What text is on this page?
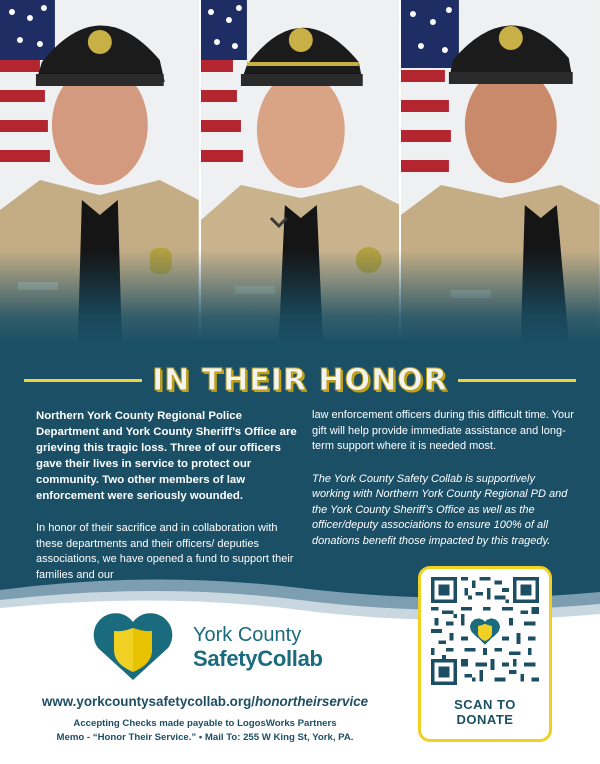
IN THEIR HONOR

Northern York County Regional Police Department and York County Sheriff’s Office are grieving this tragic loss. Three of our officers gave their lives in service to protect our community. Two other members of law enforcement were seriously wounded.

In honor of their sacrifice and in collaboration with these departments and their officers/ deputies associations, we have opened a fund to support their families and our

law enforcement officers during this difficult time. Your gift will help provide immediate assistance and long-term support where it is needed most.

The York County Safety Collab is supportively working with Northern York County Regional PD and the York County Sheriff’s Office as well as the officer/deputy associations to ensure 100% of all donations benefit those impacted by this tragedy.

York County
SafetyCollab
www.yorkcountysafetycollab.org/honortheirservice
Accepting Checks made payable to LogosWorks Partners
Memo - “Honor Their Service.” • Mail To: 255 W King St, York, PA.
SCAN TO
DONATE
